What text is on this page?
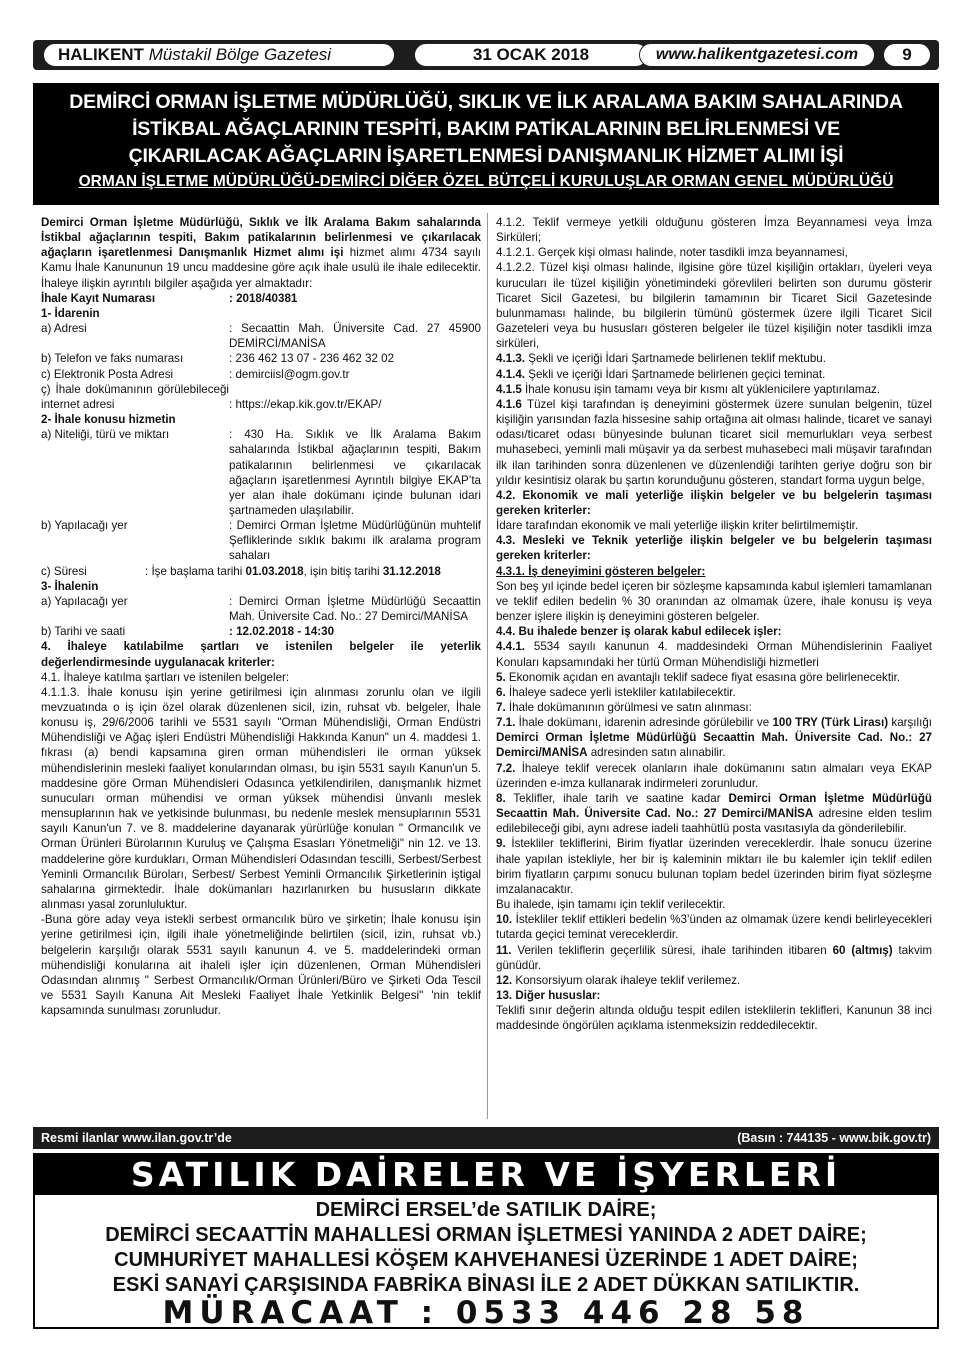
HALIKENT Müstakil Bölge Gazetesi	31 OCAK 2018	www.halikentgazetesi.com	9
DEMİRCİ ORMAN İŞLETME MÜDÜRLÜĞÜ, SIKLIK VE İLK ARALAMA BAKIM SAHALARINDA
İSTİKBAL AĞAÇLARININ TESPİTİ, BAKIM PATİKALARININ BELİRLENMESİ VE
ÇIKARILACAK AĞAÇLARIN İŞARETLENMESİ DANIŞMANLIK HİZMET ALIMI İŞİ
ORMAN İŞLETME MÜDÜRLÜĞÜ-DEMİRCİ DİĞER ÖZEL BÜTÇELİ KURULUŞLAR ORMAN GENEL MÜDÜRLÜĞÜ

Demirci Orman İşletme Müdürlüğü, Sıklık ve İlk Aralama Bakım sahalarında İstikbal ağaçlarının tespiti, Bakım patikalarının belirlenmesi ve çıkarılacak ağaçların işaretlenmesi Danışmanlık Hizmet alımı işi hizmet alımı 4734 sayılı Kamu İhale Kanununun 19 uncu maddesine göre açık ihale usulü ile ihale edilecektir. İhaleye ilişkin ayrıntılı bilgiler aşağıda yer almaktadır:

İhale Kayıt Numarası	: 2018/40381

1- İdarenin

a) Adresi	: Secaattin Mah. Üniversite Cad. 27 45900 DEMİRCİ/MANİSA
b) Telefon ve faks numarası	: 236 462 13 07 - 236 462 32 02
c) Elektronik Posta Adresi	: demirciisl@ogm.gov.tr
ç) İhale dokümanının görülebileceği internet adresi	: https://ekap.kik.gov.tr/EKAP/

2- İhale konusu hizmetin

a) Niteliği, türü ve miktarı	: 430 Ha. Sıklık ve İlk Aralama Bakım sahalarında İstikbal ağaçlarının tespiti, Bakım patikalarının belirlenmesi ve çıkarılacak ağaçların işaretlenmesi Ayrıntılı bilgiye EKAP’ta yer alan ihale dokümanı içinde bulunan idari şartnameden ulaşılabilir.
b) Yapılacağı yer	: Demirci Orman İşletme Müdürlüğünün muhtelif Şefliklerinde sıklık bakımı ilk aralama program sahaları
c) Süresi	: İşe başlama tarihi 01.03.2018, işin bitiş tarihi 31.12.2018

3- İhalenin

a) Yapılacağı yer	: Demirci Orman İşletme Müdürlüğü Secaattin Mah. Üniversite Cad. No.: 27 Demirci/MANİSA
b) Tarihi ve saati	: 12.02.2018 - 14:30

4. İhaleye katılabilme şartları ve istenilen belgeler ile yeterlik değerlendirmesinde uygulanacak kriterler:

4.1. İhaleye katılma şartları ve istenilen belgeler:

4.1.1.3. İhale konusu işin yerine getirilmesi için alınması zorunlu olan ve ilgili mevzuatında o iş için özel olarak düzenlenen sicil, izin, ruhsat vb. belgeler, İhale konusu iş, 29/6/2006 tarihli ve 5531 sayılı "Orman Mühendisliği, Orman Endüstri Mühendisliği ve Ağaç işleri Endüstri Mühendisliği Hakkında Kanun" un 4. maddesi 1. fıkrası (a) bendi kapsamına giren orman mühendisleri ile orman yüksek mühendislerinin mesleki faaliyet konularından olması, bu işin 5531 sayılı Kanun'un 5. maddesine göre Orman Mühendisleri Odasınca yetkilendirilen, danışmanlık hizmet sunucuları orman mühendisi ve orman yüksek mühendisi ünvanlı meslek mensuplarının hak ve yetkisinde bulunması, bu nedenle meslek mensuplarının 5531 sayılı Kanun'un 7. ve 8. maddelerine dayanarak yürürlüğe konulan " Ormancılık ve Orman Ürünleri Bürolarının Kuruluş ve Çalışma Esasları Yönetmeliği" nin 12. ve 13. maddelerine göre kurdukları, Orman Mühendisleri Odasından tescilli, Serbest/Serbest Yeminli Ormancılık Büroları, Serbest/ Serbest Yeminli Ormancılık Şirketlerinin iştigal sahalarına girmektedir. İhale dokümanları hazırlanırken bu hususların dikkate alınması yasal zorunluluktur.

-Buna göre aday veya istekli serbest ormancılık büro ve şirketin; İhale konusu işin yerine getirilmesi için, ilgili ihale yönetmeliğinde belirtilen (sicil, izin, ruhsat vb.) belgelerin karşılığı olarak 5531 sayılı kanunun 4. ve 5. maddelerindeki orman mühendisliği konularına ait ihaleli işler için düzenlenen, Orman Mühendisleri Odasından alınmış " Serbest Ormancılık/Orman Ürünleri/Büro ve Şirketi Oda Tescil ve 5531 Sayılı Kanuna Ait Mesleki Faaliyet İhale Yetkinlik Belgesi" 'nin teklif kapsamında sunulması zorunludur.

4.1.2. Teklif vermeye yetkili olduğunu gösteren İmza Beyannamesi veya İmza Sirküleri;

4.1.2.1. Gerçek kişi olması halinde, noter tasdikli imza beyannamesi,

4.1.2.2. Tüzel kişi olması halinde, ilgisine göre tüzel kişiliğin ortakları, üyeleri veya kurucuları ile tüzel kişiliğin yönetimindeki görevlileri belirten son durumu gösterir Ticaret Sicil Gazetesi, bu bilgilerin tamamının bir Ticaret Sicil Gazetesinde bulunmaması halinde, bu bilgilerin tümünü göstermek üzere ilgili Ticaret Sicil Gazeteleri veya bu hususları gösteren belgeler ile tüzel kişiliğin noter tasdikli imza sirküleri,

4.1.3. Şekli ve içeriği İdari Şartnamede belirlenen teklif mektubu.

4.1.4. Şekli ve içeriği İdari Şartnamede belirlenen geçici teminat.

4.1.5 İhale konusu işin tamamı veya bir kısmı alt yüklenicilere yaptırılamaz.

4.1.6 Tüzel kişi tarafından iş deneyimini göstermek üzere sunulan belgenin, tüzel kişiliğin yarısından fazla hissesine sahip ortağına ait olması halinde, ticaret ve sanayi odası/ticaret odası bünyesinde bulunan ticaret sicil memurlukları veya serbest muhasebeci, yeminli mali müşavir ya da serbest muhasebeci mali müşavir tarafından ilk ilan tarihinden sonra düzenlenen ve düzenlendiği tarihten geriye doğru son bir yıldır kesintisiz olarak bu şartın korunduğunu gösteren, standart forma uygun belge,

4.2. Ekonomik ve mali yeterliğe ilişkin belgeler ve bu belgelerin taşıması gereken kriterler:

İdare tarafından ekonomik ve mali yeterliğe ilişkin kriter belirtilmemiştir.

4.3. Mesleki ve Teknik yeterliğe ilişkin belgeler ve bu belgelerin taşıması gereken kriterler:

4.3.1. İş deneyimini gösteren belgeler:

Son beş yıl içinde bedel içeren bir sözleşme kapsamında kabul işlemleri tamamlanan ve teklif edilen bedelin % 30 oranından az olmamak üzere, ihale konusu iş veya benzer işlere ilişkin iş deneyimini gösteren belgeler.

4.4. Bu ihalede benzer iş olarak kabul edilecek işler:

4.4.1. 5534 sayılı kanunun 4. maddesindeki Orman Mühendislerinin Faaliyet Konuları kapsamındaki her türlü Orman Mühendisliği hizmetleri

5. Ekonomik açıdan en avantajlı teklif sadece fiyat esasına göre belirlenecektir.

6. İhaleye sadece yerli istekliler katılabilecektir.

7. İhale dokümanının görülmesi ve satın alınması:

7.1. İhale dokümanı, idarenin adresinde görülebilir ve 100 TRY (Türk Lirası) karşılığı Demirci Orman İşletme Müdürlüğü Secaattin Mah. Üniversite Cad. No.: 27 Demirci/MANİSA adresinden satın alınabilir.

7.2. İhaleye teklif verecek olanların ihale dokümanını satın almaları veya EKAP üzerinden e-imza kullanarak indirmeleri zorunludur.

8. Teklifler, ihale tarih ve saatine kadar Demirci Orman İşletme Müdürlüğü Secaattin Mah. Üniversite Cad. No.: 27 Demirci/MANİSA adresine elden teslim edilebileceği gibi, aynı adrese iadeli taahhütlü posta vasıtasıyla da gönderilebilir.

9. İstekliler tekliflerini, Birim fiyatlar üzerinden vereceklerdir. İhale sonucu üzerine ihale yapılan istekliyle, her bir iş kaleminin miktarı ile bu kalemler için teklif edilen birim fiyatların çarpımı sonucu bulunan toplam bedel üzerinden birim fiyat sözleşme imzalanacaktır.

Bu ihalede, işin tamamı için teklif verilecektir.

10. İstekliler teklif ettikleri bedelin %3’ünden az olmamak üzere kendi belirleyecekleri tutarda geçici teminat vereceklerdir.

11. Verilen tekliflerin geçerlilik süresi, ihale tarihinden itibaren 60 (altmış) takvim günüdür.

12. Konsorsiyum olarak ihaleye teklif verilemez.

13. Diğer hususlar:

Teklifi sınır değerin altında olduğu tespit edilen isteklilerin teklifleri, Kanunun 38 inci maddesinde öngörülen açıklama istenmeksizin reddedilecektir.

Resmi ilanlar www.ilan.gov.tr’de	(Basın : 744135 - www.bik.gov.tr)
SATILIK DAİRELER VE İŞYERLERİ
DEMİRCİ ERSEL’de SATILIK DAİRE;
DEMİRCİ SECAATTİN MAHALLESİ ORMAN İŞLETMESİ YANINDA 2 ADET DAİRE;
CUMHURİYET MAHALLESİ KÖŞEM KAHVEHANESİ ÜZERİNDE 1 ADET DAİRE;
ESKİ SANAYİ ÇARŞISINDA FABRİKA BİNASI İLE 2 ADET DÜKKAN SATILIKTIR.
MÜRACAAT : 0533 446 28 58
